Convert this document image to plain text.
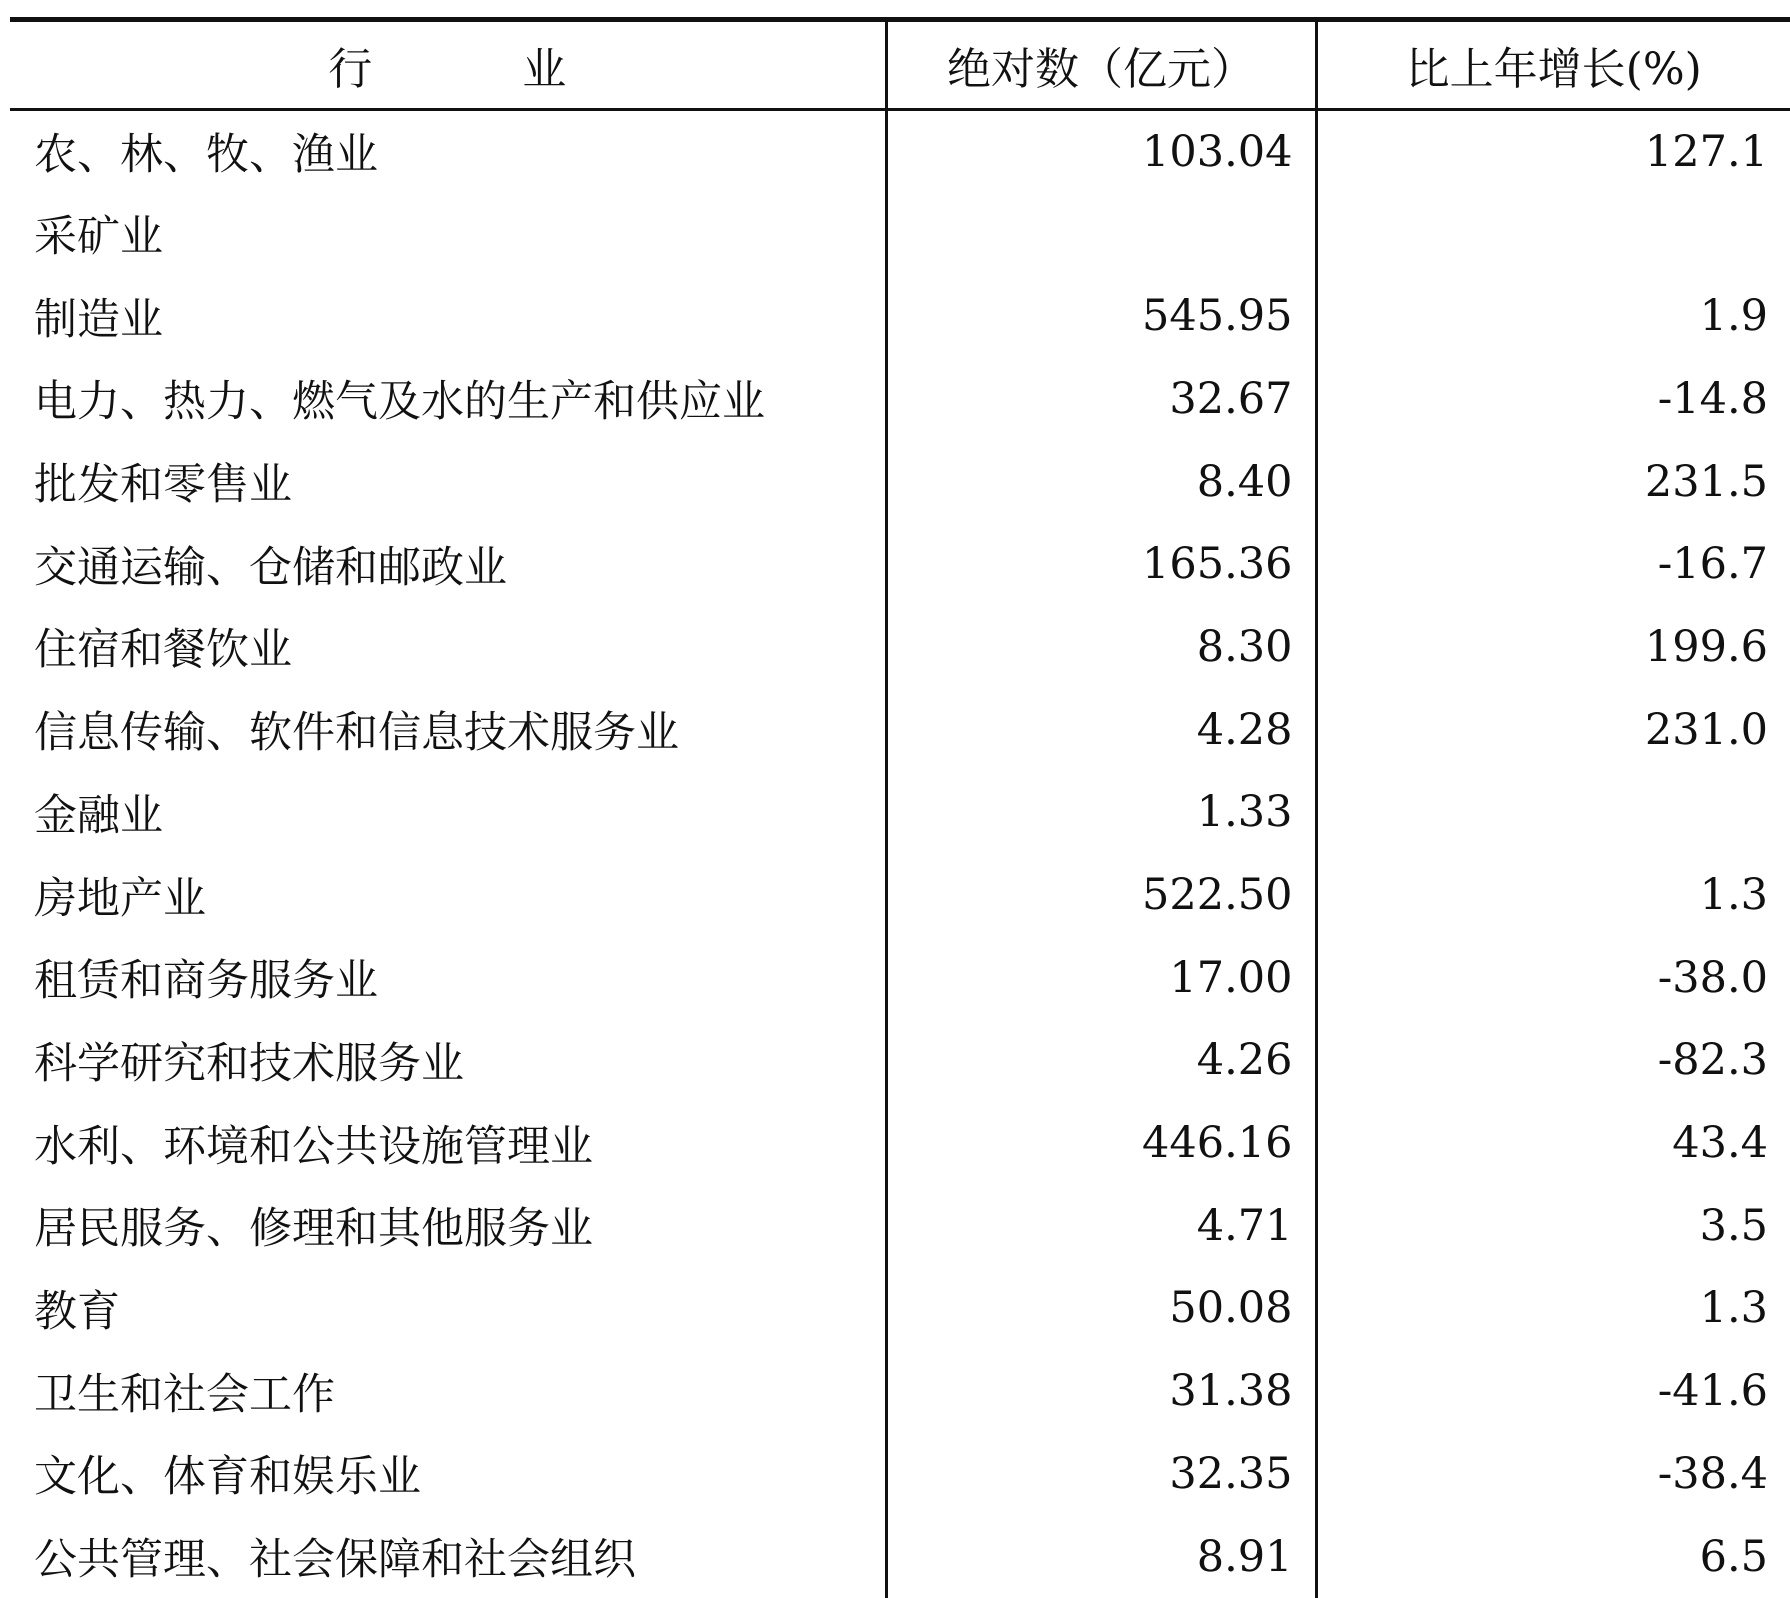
行业	绝对数（亿元）	比上年增长(%)
农、林、牧、渔业	103.04	127.1
采矿业		
制造业	545.95	1.9
电力、热力、燃气及水的生产和供应业	32.67	-14.8
批发和零售业	8.40	231.5
交通运输、仓储和邮政业	165.36	-16.7
住宿和餐饮业	8.30	199.6
信息传输、软件和信息技术服务业	4.28	231.0
金融业	1.33	
房地产业	522.50	1.3
租赁和商务服务业	17.00	-38.0
科学研究和技术服务业	4.26	-82.3
水利、环境和公共设施管理业	446.16	43.4
居民服务、修理和其他服务业	4.71	3.5
教育	50.08	1.3
卫生和社会工作	31.38	-41.6
文化、体育和娱乐业	32.35	-38.4
公共管理、社会保障和社会组织	8.91	6.5
